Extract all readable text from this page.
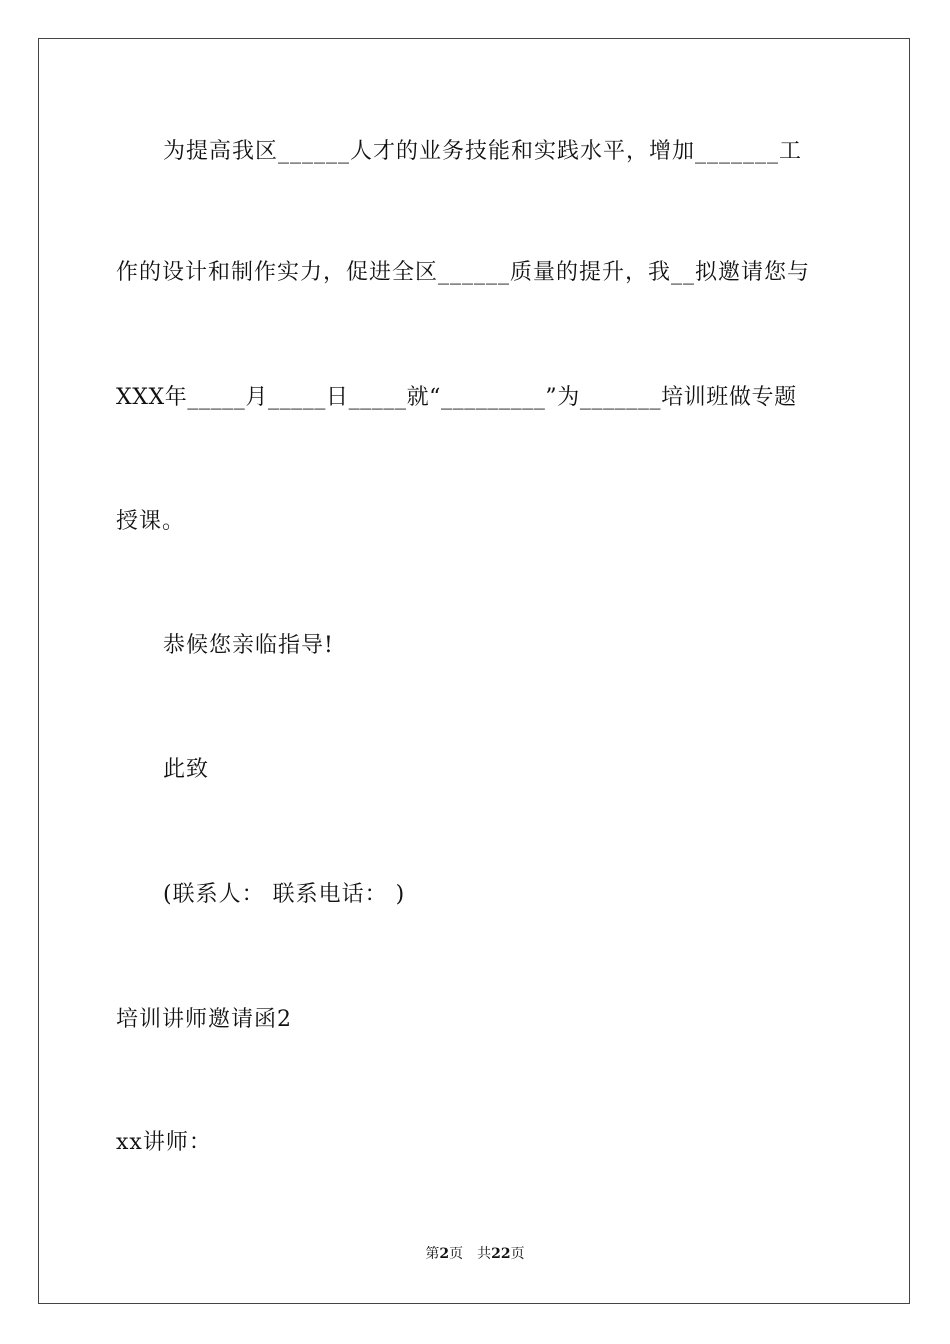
为提高我区______人才的业务技能和实践水平，增加_______工
作的设计和制作实力，促进全区______质量的提升，我__拟邀请您与
XXX年_____月_____日_____就“_________”为_______培训班做专题
授课。
恭候您亲临指导!
此致
(联系人： 联系电话： )
培训讲师邀请函2
xx讲师：
第2页 共22页
